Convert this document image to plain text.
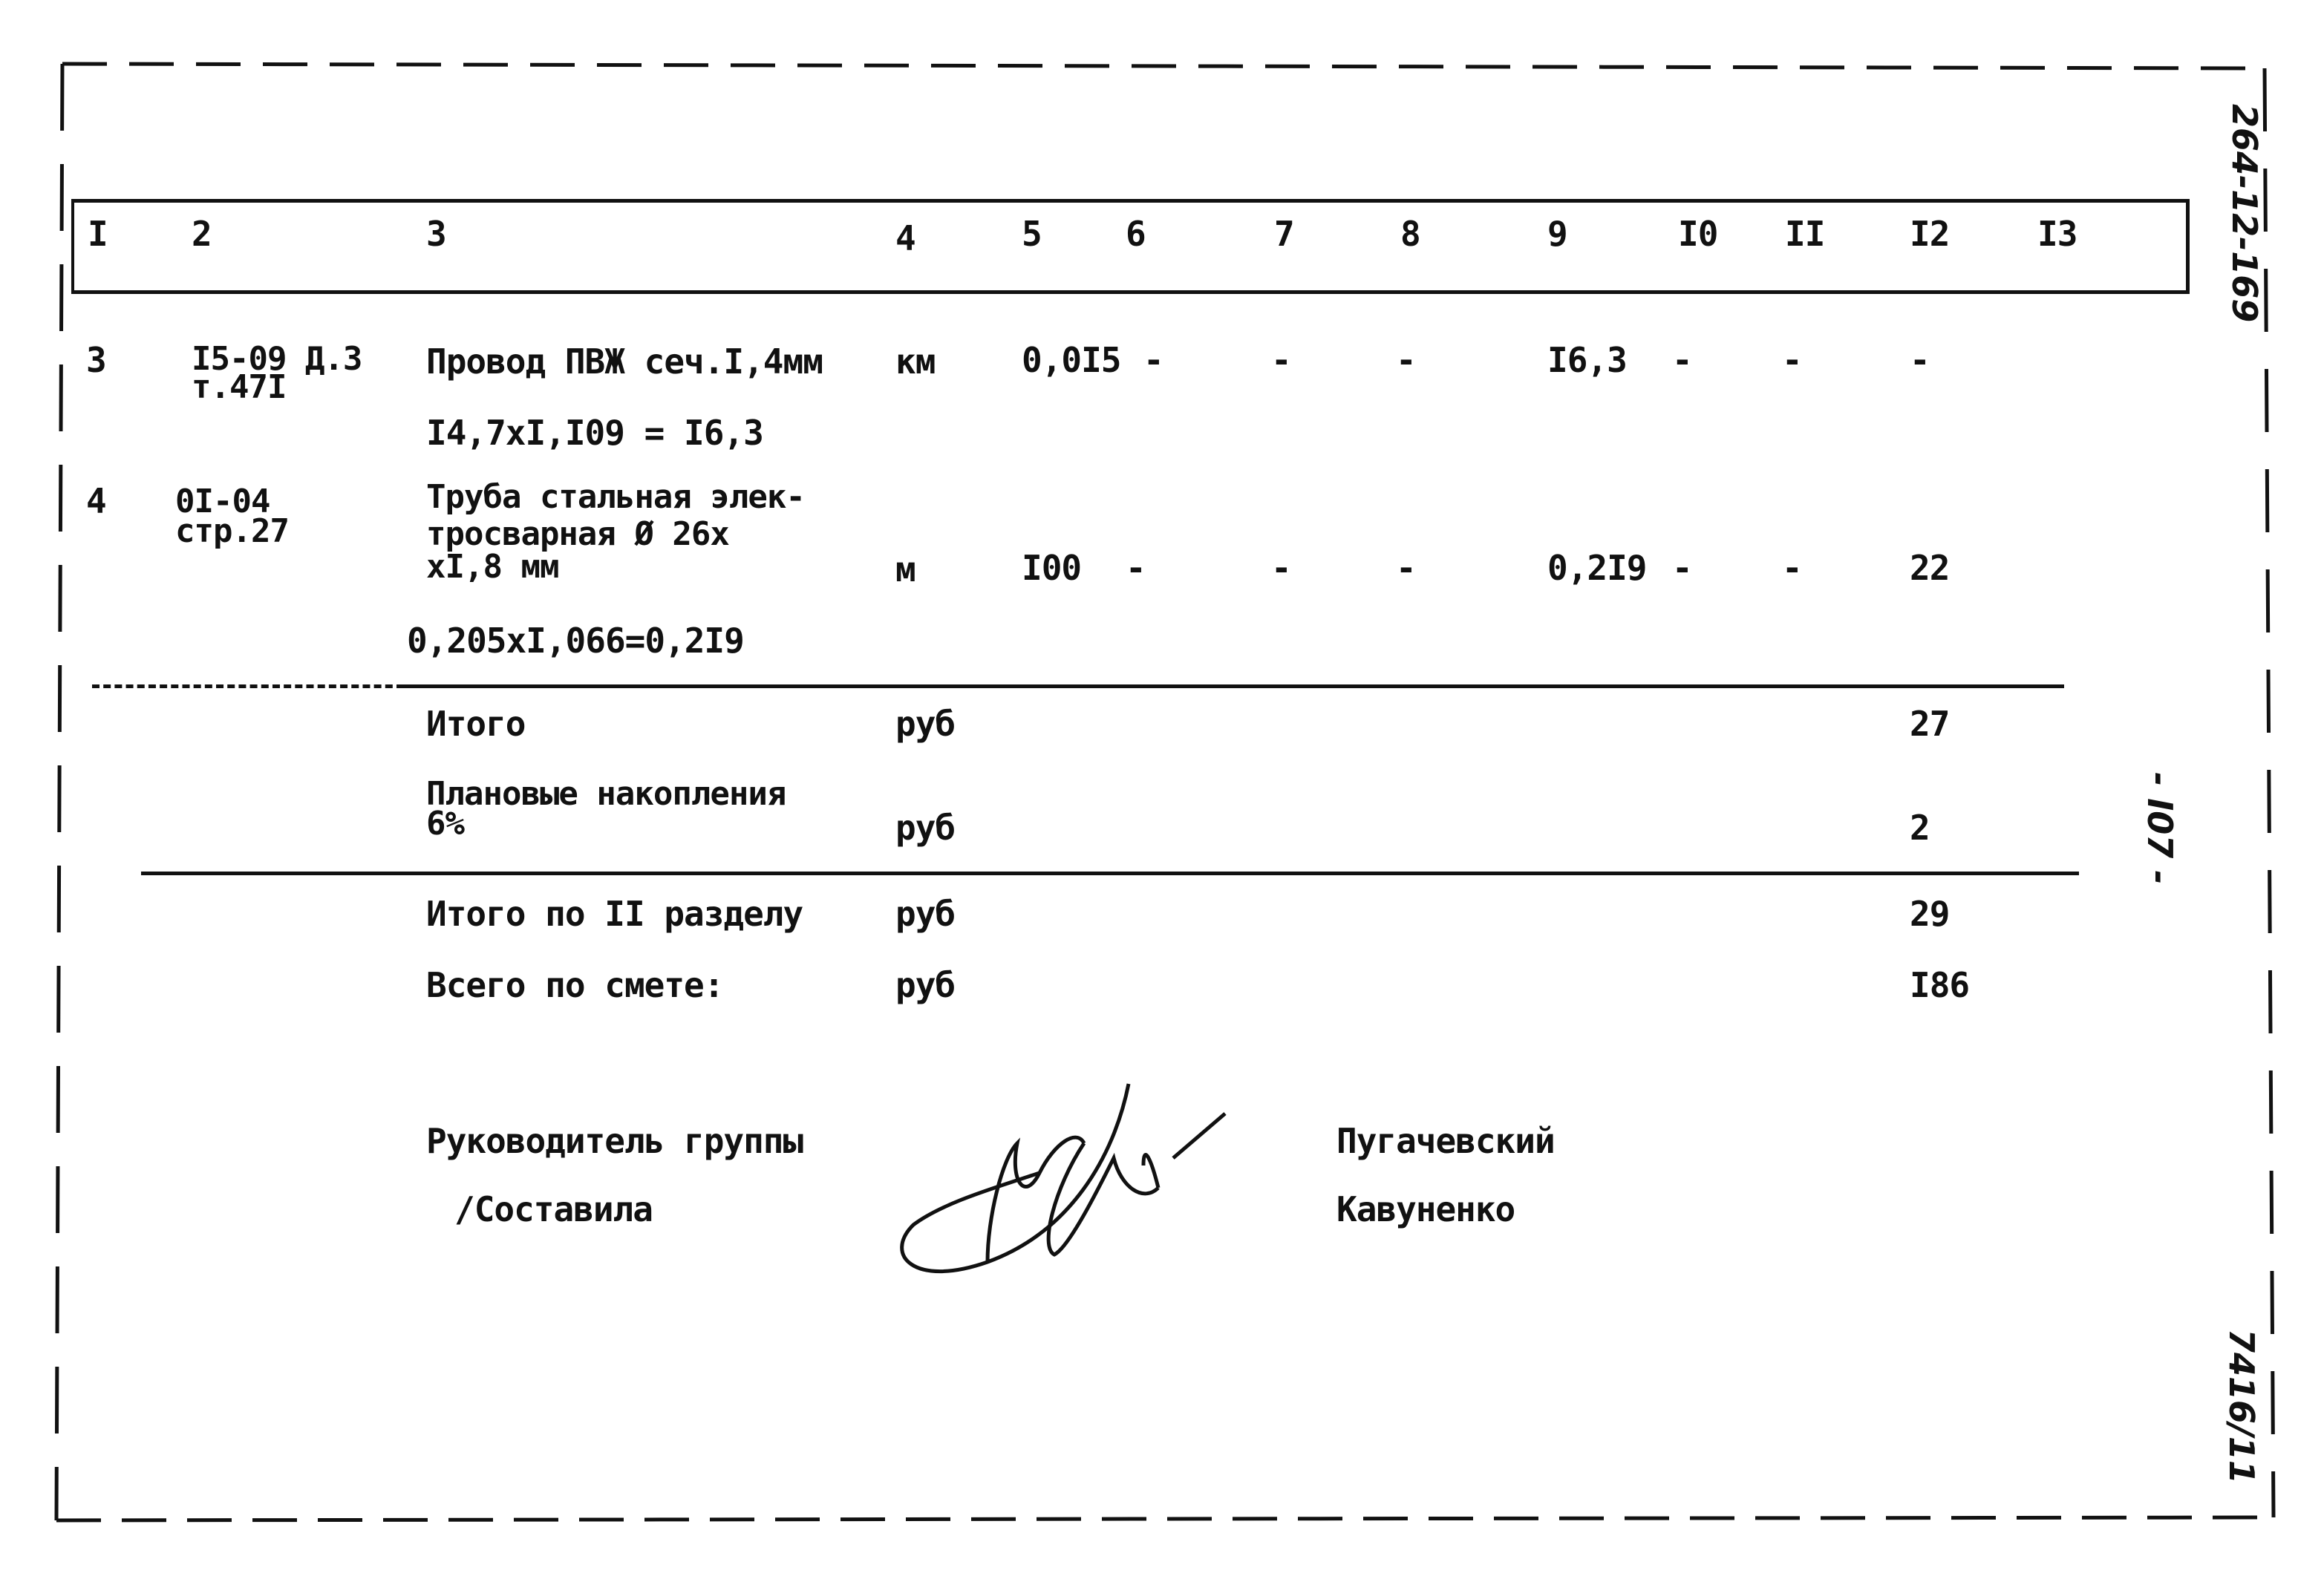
I 2	3	4	5 6	7	8	9	I0 II I2	I3	264-12-169
- I07 -
7416/11
3	I5-09 Д.3
т.47I
Провод ПВЖ сеч.I,4мм
I4,7xI,I09 = I6,3
км	0,0I5 -	-	-	I6,3 -	-	-
4 0I-04
стр.27
Труба стальная элек-
тросварная Ø 26х
xI,8 мм
0,205xI,066=0,2I9
м	I00 -	-	-	0,2I9 -	-	22
Итого	руб	27
Плановые накопления
6%	руб	2
Итого по II разделу	руб	29
Всего по смете:	руб	I86
Руководитель группы	Пугачевский
/Составила	Кавуненко
